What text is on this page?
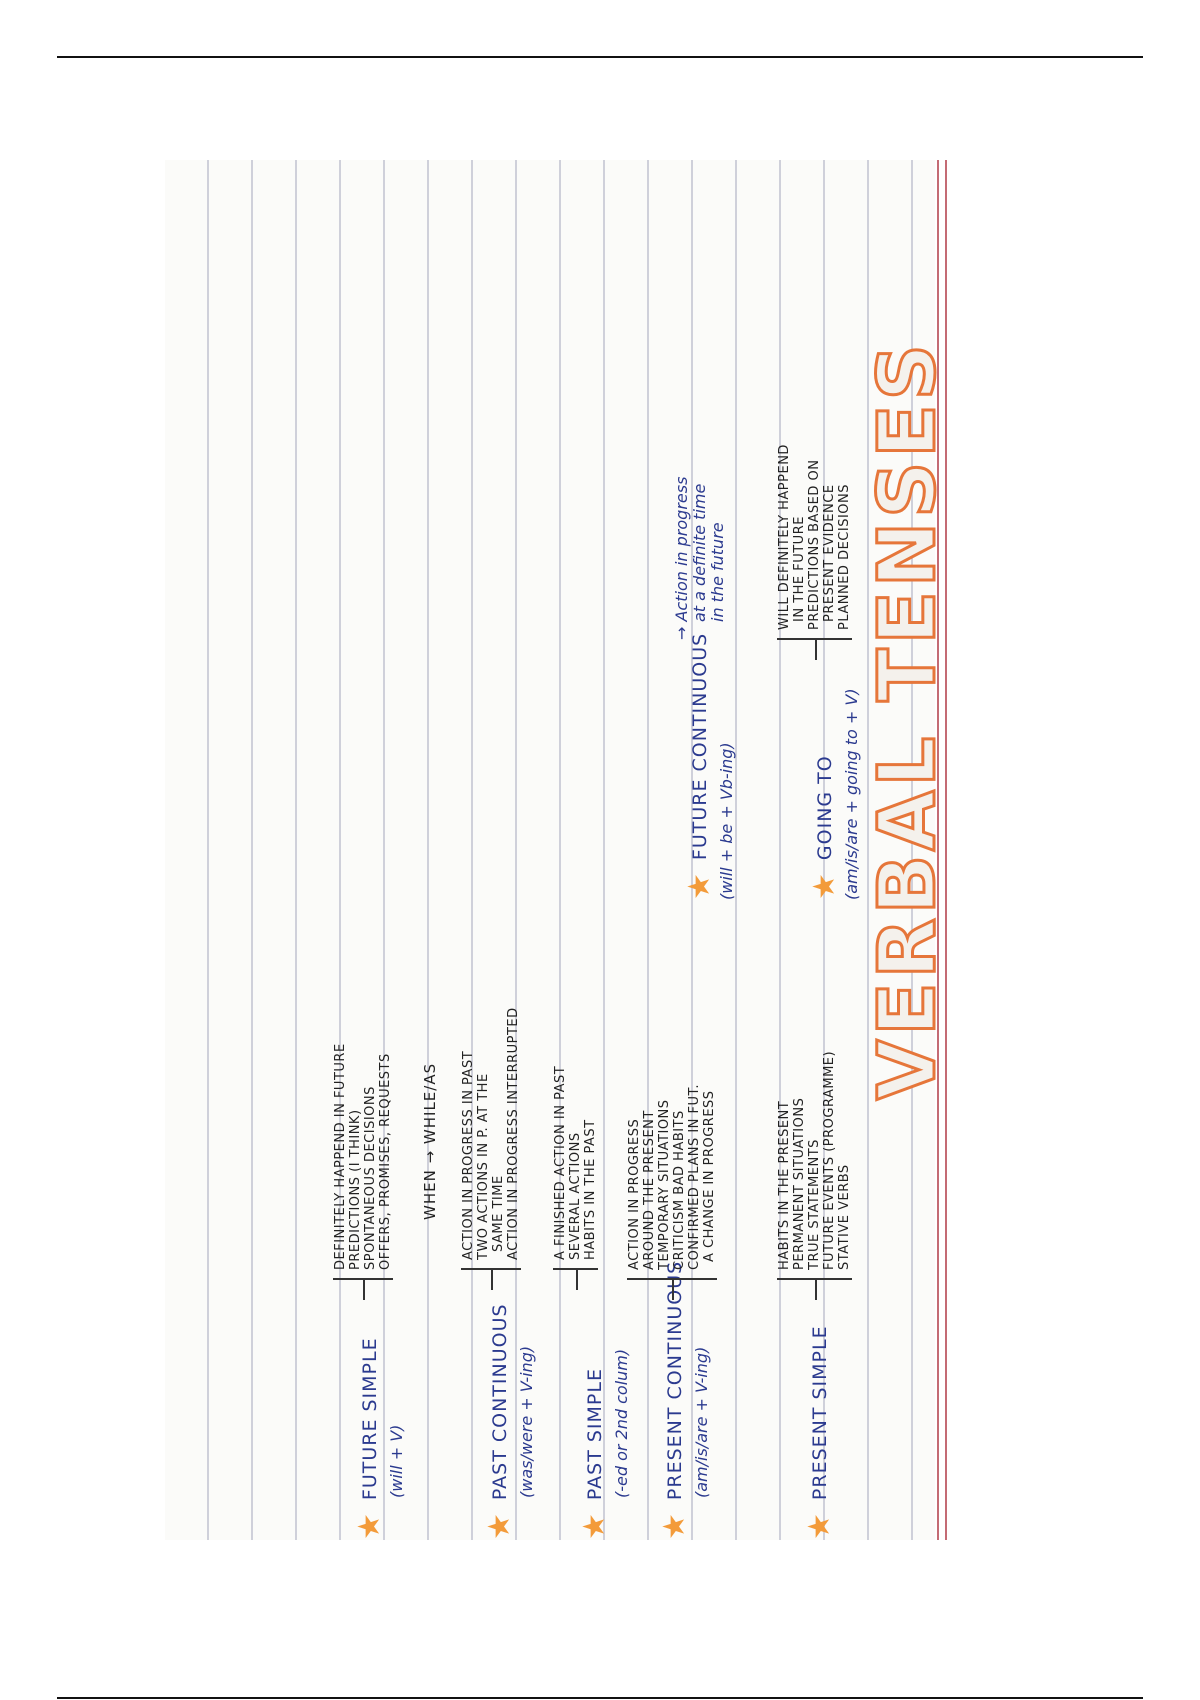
VERBAL TENSES
★
PRESENT SIMPLE
HABITS IN THE PRESENT PERMANENT SITUATIONS TRUE STATEMENTS FUTURE EVENTS (PROGRAMME) STATIVE VERBS
★
PRESENT CONTINUOUS (am/is/are + V-ing)
ACTION IN PROGRESS AROUND THE PRESENT TEMPORARY SITUATIONS CRITICISM BAD HABITS CONFIRMED PLANS IN FUT. A CHANGE IN PROGRESS
★
PAST SIMPLE (-ed or 2nd colum)
A FINISHED ACTION IN PAST SEVERAL ACTIONS HABITS IN THE PAST
★
PAST CONTINUOUS (was/were + V-ing)
ACTION IN PROGRESS IN PAST TWO ACTIONS IN P. AT THE SAME TIME ACTION IN PROGRESS INTERRUPTED
WHEN → WHILE/AS
★
FUTURE SIMPLE (will + V)
DEFINITELY HAPPEND IN FUTURE PREDICTIONS (I THINK) SPONTANEOUS DECISIONS OFFERS, PROMISES, REQUESTS
★
GOING TO (am/is/are + going to + V)
WILL DEFINITELY HAPPEND IN THE FUTURE PREDICTIONS BASED ON PRESENT EVIDENCE PLANNED DECISIONS
★
FUTURE CONTINUOUS (will + be + Vb-ing)
→ Action in progress at a definite time in the future
